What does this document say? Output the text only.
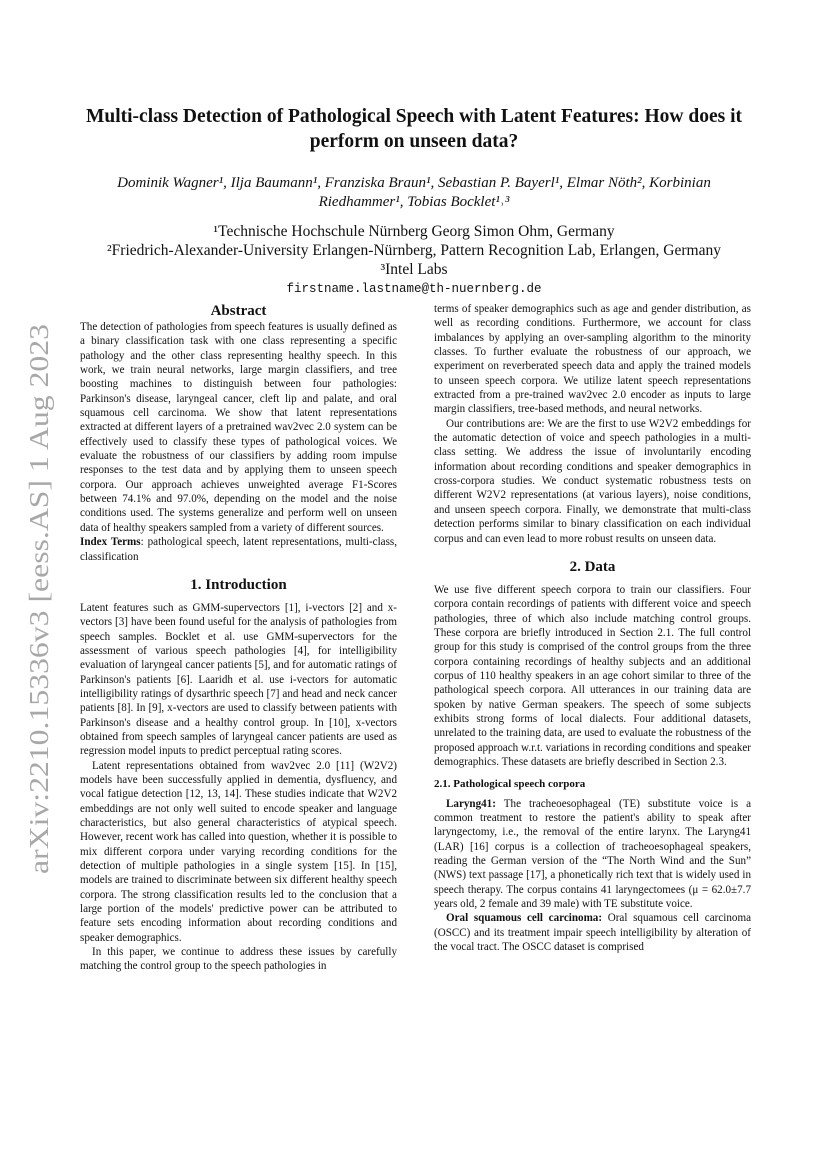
arXiv:2210.15336v3 [eess.AS] 1 Aug 2023
Multi-class Detection of Pathological Speech with Latent Features: How does it perform on unseen data?
Dominik Wagner¹, Ilja Baumann¹, Franziska Braun¹, Sebastian P. Bayerl¹, Elmar Nöth², Korbinian Riedhammer¹, Tobias Bocklet¹˒³
¹Technische Hochschule Nürnberg Georg Simon Ohm, Germany
²Friedrich-Alexander-University Erlangen-Nürnberg, Pattern Recognition Lab, Erlangen, Germany
³Intel Labs
firstname.lastname@th-nuernberg.de
Abstract

The detection of pathologies from speech features is usually defined as a binary classification task with one class representing a specific pathology and the other class representing healthy speech. In this work, we train neural networks, large margin classifiers, and tree boosting machines to distinguish between four pathologies: Parkinson's disease, laryngeal cancer, cleft lip and palate, and oral squamous cell carcinoma. We show that latent representations extracted at different layers of a pretrained wav2vec 2.0 system can be effectively used to classify these types of pathological voices. We evaluate the robustness of our classifiers by adding room impulse responses to the test data and by applying them to unseen speech corpora. Our approach achieves unweighted average F1-Scores between 74.1% and 97.0%, depending on the model and the noise conditions used. The systems generalize and perform well on unseen data of healthy speakers sampled from a variety of different sources.

Index Terms: pathological speech, latent representations, multi-class, classification

1. Introduction

Latent features such as GMM-supervectors [1], i-vectors [2] and x-vectors [3] have been found useful for the analysis of pathologies from speech samples. Bocklet et al. use GMM-supervectors for the assessment of various speech pathologies [4], for intelligibility evaluation of laryngeal cancer patients [5], and for automatic ratings of Parkinson's patients [6]. Laaridh et al. use i-vectors for automatic intelligibility ratings of dysarthric speech [7] and head and neck cancer patients [8]. In [9], x-vectors are used to classify between patients with Parkinson's disease and a healthy control group. In [10], x-vectors obtained from speech samples of laryngeal cancer patients are used as regression model inputs to predict perceptual rating scores.

Latent representations obtained from wav2vec 2.0 [11] (W2V2) models have been successfully applied in dementia, dysfluency, and vocal fatigue detection [12, 13, 14]. These studies indicate that W2V2 embeddings are not only well suited to encode speaker and language characteristics, but also general characteristics of atypical speech. However, recent work has called into question, whether it is possible to mix different corpora under varying recording conditions for the detection of multiple pathologies in a single system [15]. In [15], models are trained to discriminate between six different healthy speech corpora. The strong classification results led to the conclusion that a large portion of the models' predictive power can be attributed to feature sets encoding information about recording conditions and speaker demographics.

In this paper, we continue to address these issues by carefully matching the control group to the speech pathologies in

terms of speaker demographics such as age and gender distribution, as well as recording conditions. Furthermore, we account for class imbalances by applying an over-sampling algorithm to the minority classes. To further evaluate the robustness of our approach, we experiment on reverberated speech data and apply the trained models to unseen speech corpora. We utilize latent speech representations extracted from a pre-trained wav2vec 2.0 encoder as inputs to large margin classifiers, tree-based methods, and neural networks.

Our contributions are: We are the first to use W2V2 embeddings for the automatic detection of voice and speech pathologies in a multi-class setting. We address the issue of involuntarily encoding information about recording conditions and speaker demographics in cross-corpora studies. We conduct systematic robustness tests on different W2V2 representations (at various layers), noise conditions, and unseen speech corpora. Finally, we demonstrate that multi-class detection performs similar to binary classification on each individual corpus and can even lead to more robust results on unseen data.

2. Data

We use five different speech corpora to train our classifiers. Four corpora contain recordings of patients with different voice and speech pathologies, three of which also include matching control groups. These corpora are briefly introduced in Section 2.1. The full control group for this study is comprised of the control groups from the three corpora containing recordings of healthy subjects and an additional corpus of 110 healthy speakers in an age cohort similar to three of the pathological speech corpora. All utterances in our training data are spoken by native German speakers. The speech of some subjects exhibits strong forms of local dialects. Four additional datasets, unrelated to the training data, are used to evaluate the robustness of the proposed approach w.r.t. variations in recording conditions and speaker demographics. These datasets are briefly described in Section 2.3.

2.1. Pathological speech corpora

Laryng41: The tracheoesophageal (TE) substitute voice is a common treatment to restore the patient's ability to speak after laryngectomy, i.e., the removal of the entire larynx. The Laryng41 (LAR) [16] corpus is a collection of tracheoesophageal speakers, reading the German version of the “The North Wind and the Sun” (NWS) text passage [17], a phonetically rich text that is widely used in speech therapy. The corpus contains 41 laryngectomees (μ = 62.0±7.7 years old, 2 female and 39 male) with TE substitute voice.

Oral squamous cell carcinoma: Oral squamous cell carcinoma (OSCC) and its treatment impair speech intelligibility by alteration of the vocal tract. The OSCC dataset is comprised
